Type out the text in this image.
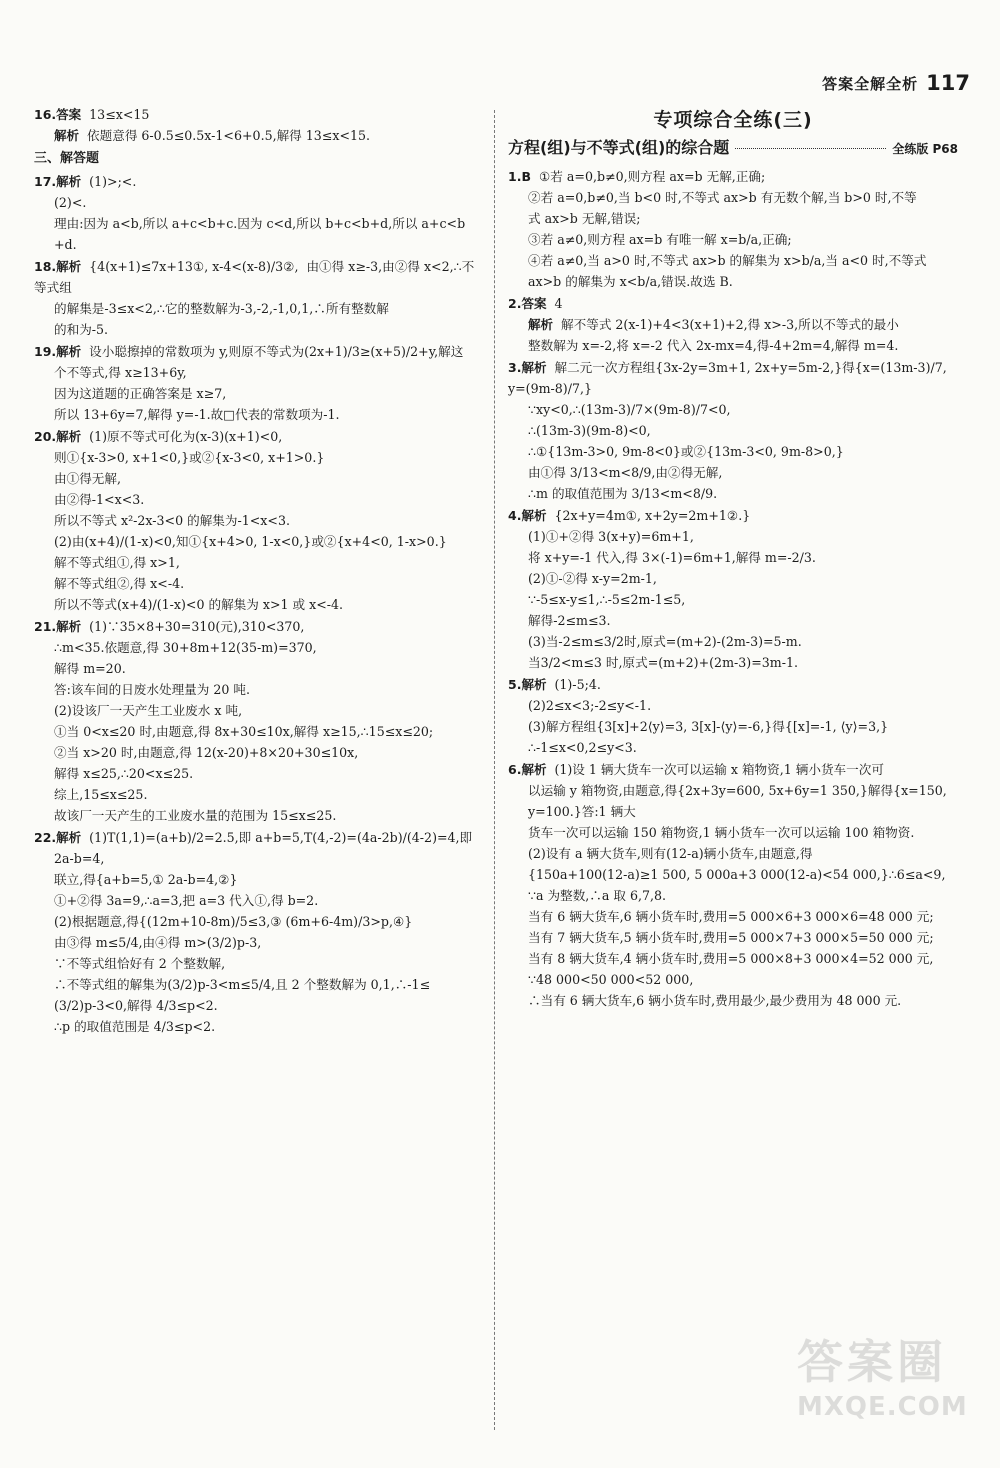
答案全解全析 117
16.答案 13≤x<15
解析 依题意得 6-0.5≤0.5x-1<6+0.5,解得 13≤x<15.
三、解答题
17.解析 (1)>;<.
(2)<.
理由:因为 a<b,所以 a+c<b+c.因为 c<d,所以 b+c<b+d,所以 a+c<b
+d.
18.解析 {4(x+1)≤7x+13①, x-4<(x-8)/3②,  由①得 x≥-3,由②得 x<2,∴不等式组
的解集是-3≤x<2,∴它的整数解为-3,-2,-1,0,1,∴所有整数解
的和为-5.
19.解析 设小聪擦掉的常数项为 y,则原不等式为(2x+1)/3≥(x+5)/2+y,解这
个不等式,得 x≥13+6y,
因为这道题的正确答案是 x≥7,
所以 13+6y=7,解得 y=-1.故□代表的常数项为-1.
20.解析 (1)原不等式可化为(x-3)(x+1)<0,
则①{x-3>0, x+1<0,}或②{x-3<0, x+1>0.}
由①得无解,
由②得-1<x<3.
所以不等式 x²-2x-3<0 的解集为-1<x<3.
(2)由(x+4)/(1-x)<0,知①{x+4>0, 1-x<0,}或②{x+4<0, 1-x>0.}
解不等式组①,得 x>1,
解不等式组②,得 x<-4.
所以不等式(x+4)/(1-x)<0 的解集为 x>1 或 x<-4.
21.解析 (1)∵35×8+30=310(元),310<370,
∴m<35.依题意,得 30+8m+12(35-m)=370,
解得 m=20.
答:该车间的日废水处理量为 20 吨.
(2)设该厂一天产生工业废水 x 吨,
①当 0<x≤20 时,由题意,得 8x+30≤10x,解得 x≥15,∴15≤x≤20;
②当 x>20 时,由题意,得 12(x-20)+8×20+30≤10x,
解得 x≤25,∴20<x≤25.
综上,15≤x≤25.
故该厂一天产生的工业废水量的范围为 15≤x≤25.
22.解析 (1)T(1,1)=(a+b)/2=2.5,即 a+b=5,T(4,-2)=(4a-2b)/(4-2)=4,即
2a-b=4,
联立,得{a+b=5,① 2a-b=4,②}
①+②得 3a=9,∴a=3,把 a=3 代入①,得 b=2.
(2)根据题意,得{(12m+10-8m)/5≤3,③ (6m+6-4m)/3>p,④}
由③得 m≤5/4,由④得 m>(3/2)p-3,
∵不等式组恰好有 2 个整数解,
∴不等式组的解集为(3/2)p-3<m≤5/4,且 2 个整数解为 0,1,∴-1≤
(3/2)p-3<0,解得 4/3≤p<2.
∴p 的取值范围是 4/3≤p<2.
专项综合全练(三)
方程(组)与不等式(组)的综合题	全练版 P68
1.B ①若 a=0,b≠0,则方程 ax=b 无解,正确;
②若 a=0,b≠0,当 b<0 时,不等式 ax>b 有无数个解,当 b>0 时,不等
式 ax>b 无解,错误;
③若 a≠0,则方程 ax=b 有唯一解 x=b/a,正确;
④若 a≠0,当 a>0 时,不等式 ax>b 的解集为 x>b/a,当 a<0 时,不等式
ax>b 的解集为 x<b/a,错误.故选 B.
2.答案 4
解析 解不等式 2(x-1)+4<3(x+1)+2,得 x>-3,所以不等式的最小
整数解为 x=-2,将 x=-2 代入 2x-mx=4,得-4+2m=4,解得 m=4.
3.解析 解二元一次方程组{3x-2y=3m+1, 2x+y=5m-2,}得{x=(13m-3)/7, y=(9m-8)/7,}
∵xy<0,∴(13m-3)/7×(9m-8)/7<0,
∴(13m-3)(9m-8)<0,
∴①{13m-3>0, 9m-8<0}或②{13m-3<0, 9m-8>0,}
由①得 3/13<m<8/9,由②得无解,
∴m 的取值范围为 3/13<m<8/9.
4.解析 {2x+y=4m①, x+2y=2m+1②.}
(1)①+②得 3(x+y)=6m+1,
将 x+y=-1 代入,得 3×(-1)=6m+1,解得 m=-2/3.
(2)①-②得 x-y=2m-1,
∵-5≤x-y≤1,∴-5≤2m-1≤5,
解得-2≤m≤3.
(3)当-2≤m≤3/2时,原式=(m+2)-(2m-3)=5-m.
当3/2<m≤3 时,原式=(m+2)+(2m-3)=3m-1.
5.解析 (1)-5;4.
(2)2≤x<3;-2≤y<-1.
(3)解方程组{3[x]+2⟨y⟩=3, 3[x]-⟨y⟩=-6,}得{[x]=-1, ⟨y⟩=3,}∴-1≤x<0,2≤y<3.
6.解析 (1)设 1 辆大货车一次可以运输 x 箱物资,1 辆小货车一次可
以运输 y 箱物资,由题意,得{2x+3y=600, 5x+6y=1 350,}解得{x=150, y=100.}答:1 辆大
货车一次可以运输 150 箱物资,1 辆小货车一次可以运输 100 箱物资.
(2)设有 a 辆大货车,则有(12-a)辆小货车,由题意,得
{150a+100(12-a)≥1 500, 5 000a+3 000(12-a)<54 000,}∴6≤a<9,
∵a 为整数,∴a 取 6,7,8.
当有 6 辆大货车,6 辆小货车时,费用=5 000×6+3 000×6=48 000 元;
当有 7 辆大货车,5 辆小货车时,费用=5 000×7+3 000×5=50 000 元;
当有 8 辆大货车,4 辆小货车时,费用=5 000×8+3 000×4=52 000 元,
∵48 000<50 000<52 000,
∴当有 6 辆大货车,6 辆小货车时,费用最少,最少费用为 48 000 元.
答案圈
MXQE.COM
